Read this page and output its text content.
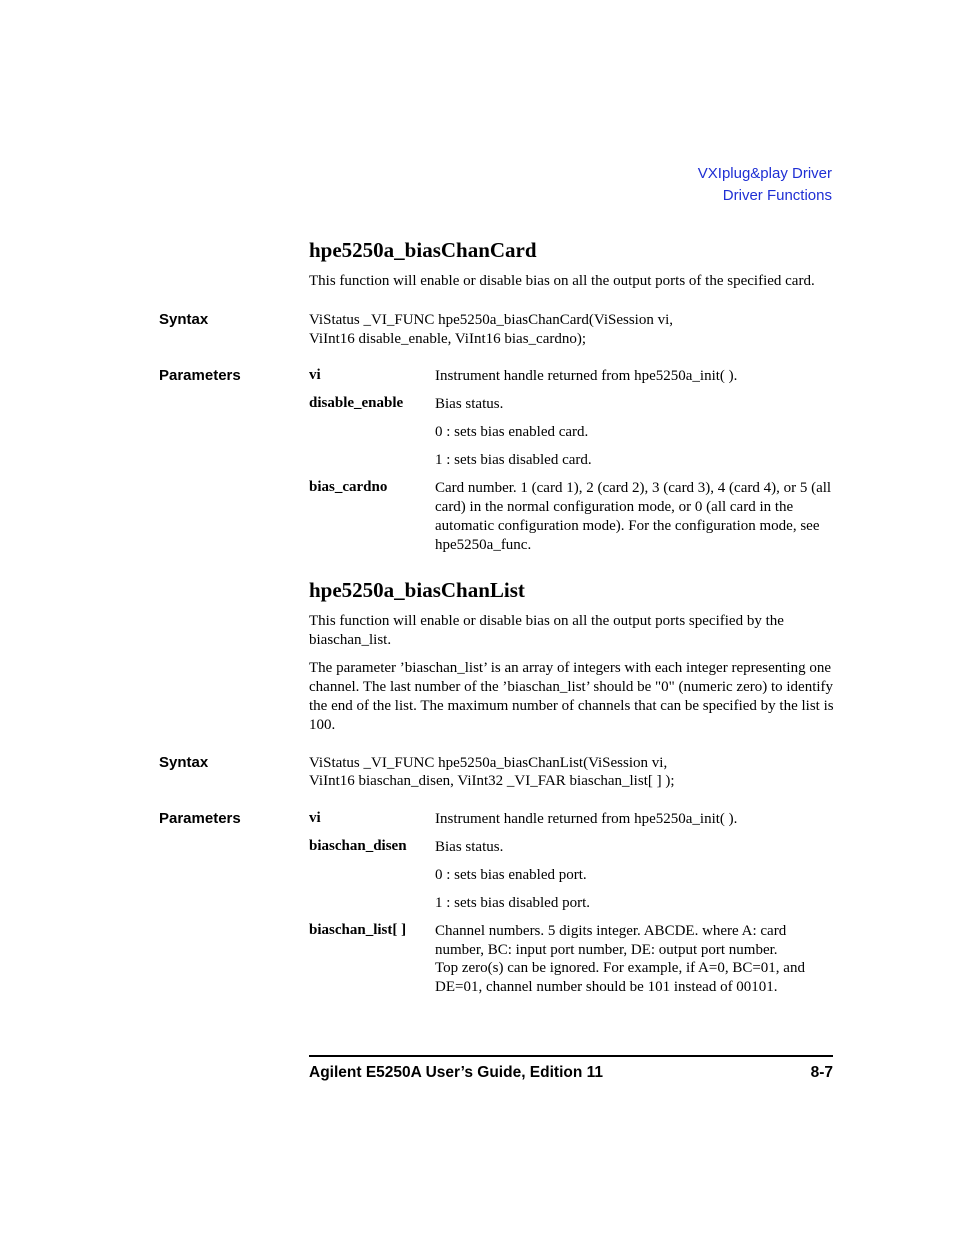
VXIplug&play Driver
Driver Functions
hpe5250a_biasChanCard
This function will enable or disable bias on all the output ports of the specified card.
Syntax	ViStatus _VI_FUNC hpe5250a_biasChanCard(ViSession vi,
ViInt16 disable_enable, ViInt16 bias_cardno);
Parameters	vi	Instrument handle returned from hpe5250a_init( ).
disable_enable Bias status.
0 : sets bias enabled card.
1 : sets bias disabled card.
bias_cardno	Card number. 1 (card 1), 2 (card 2), 3 (card 3), 4 (card 4), or 5 (all card) in the normal configuration mode, or 0 (all card in the automatic configuration mode). For the configuration mode, see hpe5250a_func.
hpe5250a_biasChanList
This function will enable or disable bias on all the output ports specified by the biaschan_list.
The parameter ’biaschan_list’ is an array of integers with each integer representing one channel. The last number of the ’biaschan_list’ should be "0" (numeric zero) to identify the end of the list. The maximum number of channels that can be specified by the list is 100.
Syntax	ViStatus _VI_FUNC hpe5250a_biasChanList(ViSession vi,
ViInt16 biaschan_disen, ViInt32 _VI_FAR biaschan_list[ ] );
Parameters	vi	Instrument handle returned from hpe5250a_init( ).
biaschan_disen Bias status.
0 : sets bias enabled port.
1 : sets bias disabled port.
biaschan_list[ ] Channel numbers. 5 digits integer. ABCDE. where A: card number, BC: input port number, DE: output port number.
Top zero(s) can be ignored. For example, if A=0, BC=01, and DE=01, channel number should be 101 instead of 00101.
Agilent E5250A User’s Guide, Edition 11	8-7
